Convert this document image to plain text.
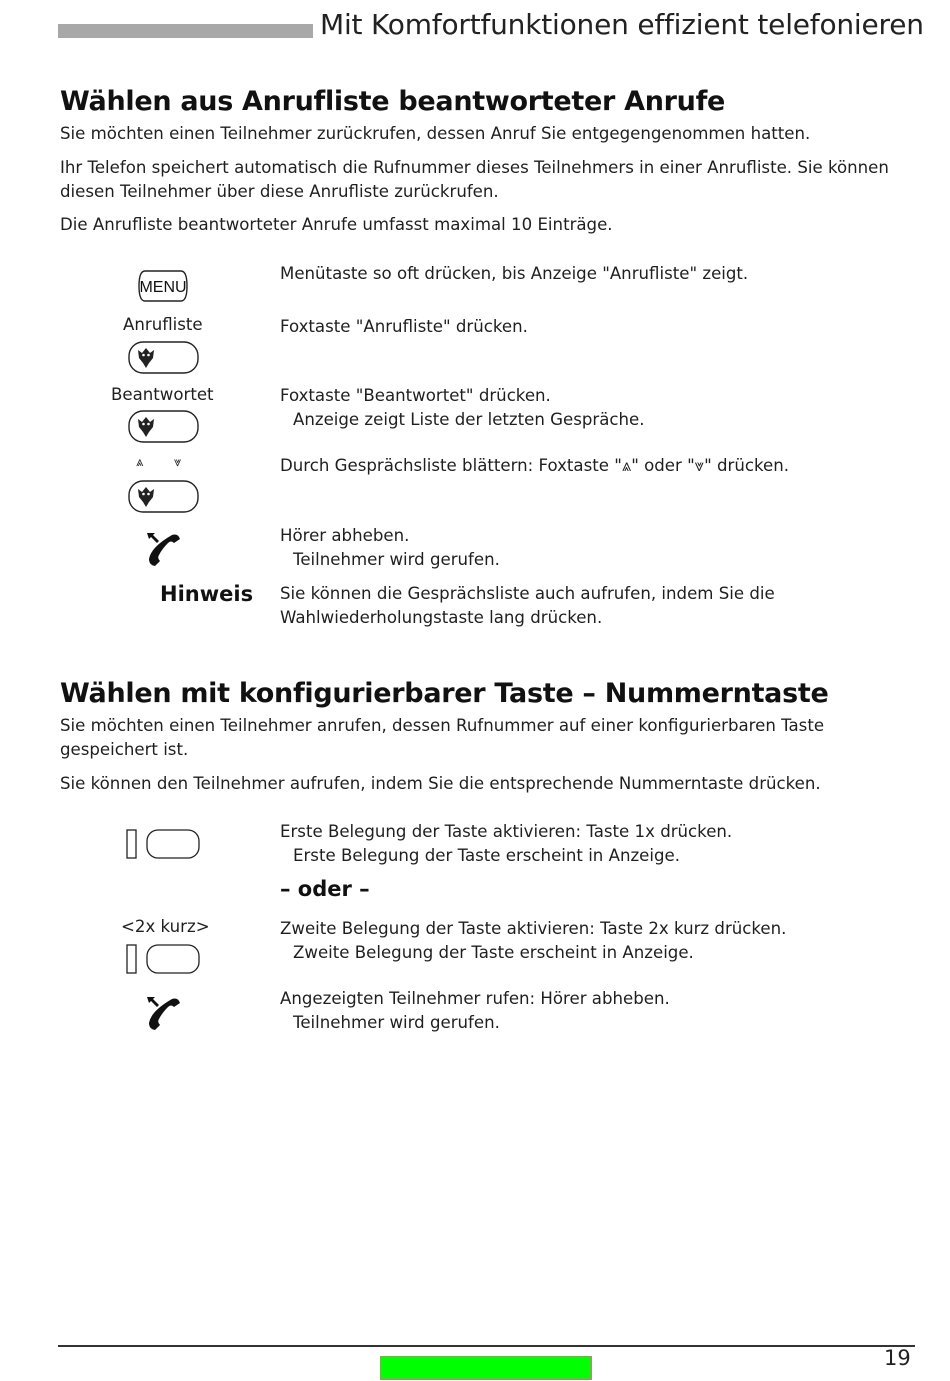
Mit Komfortfunktionen effizient telefonieren
Wählen aus Anrufliste beantworteter Anrufe

Sie möchten einen Teilnehmer zurückrufen, dessen Anruf Sie entgegengenommen hatten.

Ihr Telefon speichert automatisch die Rufnummer dieses Teilnehmers in einer Anrufliste. Sie können diesen Teilnehmer über diese Anrufliste zurückrufen.

Die Anrufliste beantworteter Anrufe umfasst maximal 10 Einträge.

MENU
Menütaste so oft drücken, bis Anzeige "Anrufliste" zeigt.
Anrufliste	Foxtaste "Anrufliste" drücken.
Beantwortet	Foxtaste "Beantwortet" drücken.
Anzeige zeigt Liste der letzten Gespräche.
⩓ ⩔	Durch Gesprächsliste blättern: Foxtaste "⩓" oder "⩔" drücken.
Hörer abheben.
Teilnehmer wird gerufen.
Hinweis Sie können die Gesprächsliste auch aufrufen, indem Sie die Wahlwiederholungstaste lang drücken.
Wählen mit konfigurierbarer Taste – Nummerntaste

Sie möchten einen Teilnehmer anrufen, dessen Rufnummer auf einer konfigurierbaren Taste gespeichert ist.

Sie können den Teilnehmer aufrufen, indem Sie die entsprechende Nummerntaste drücken.

Erste Belegung der Taste aktivieren: Taste 1x drücken.
Erste Belegung der Taste erscheint in Anzeige.
– oder –
<2x kurz>	Zweite Belegung der Taste aktivieren: Taste 2x kurz drücken.
Zweite Belegung der Taste erscheint in Anzeige.
Angezeigten Teilnehmer rufen: Hörer abheben.
Teilnehmer wird gerufen.
19
